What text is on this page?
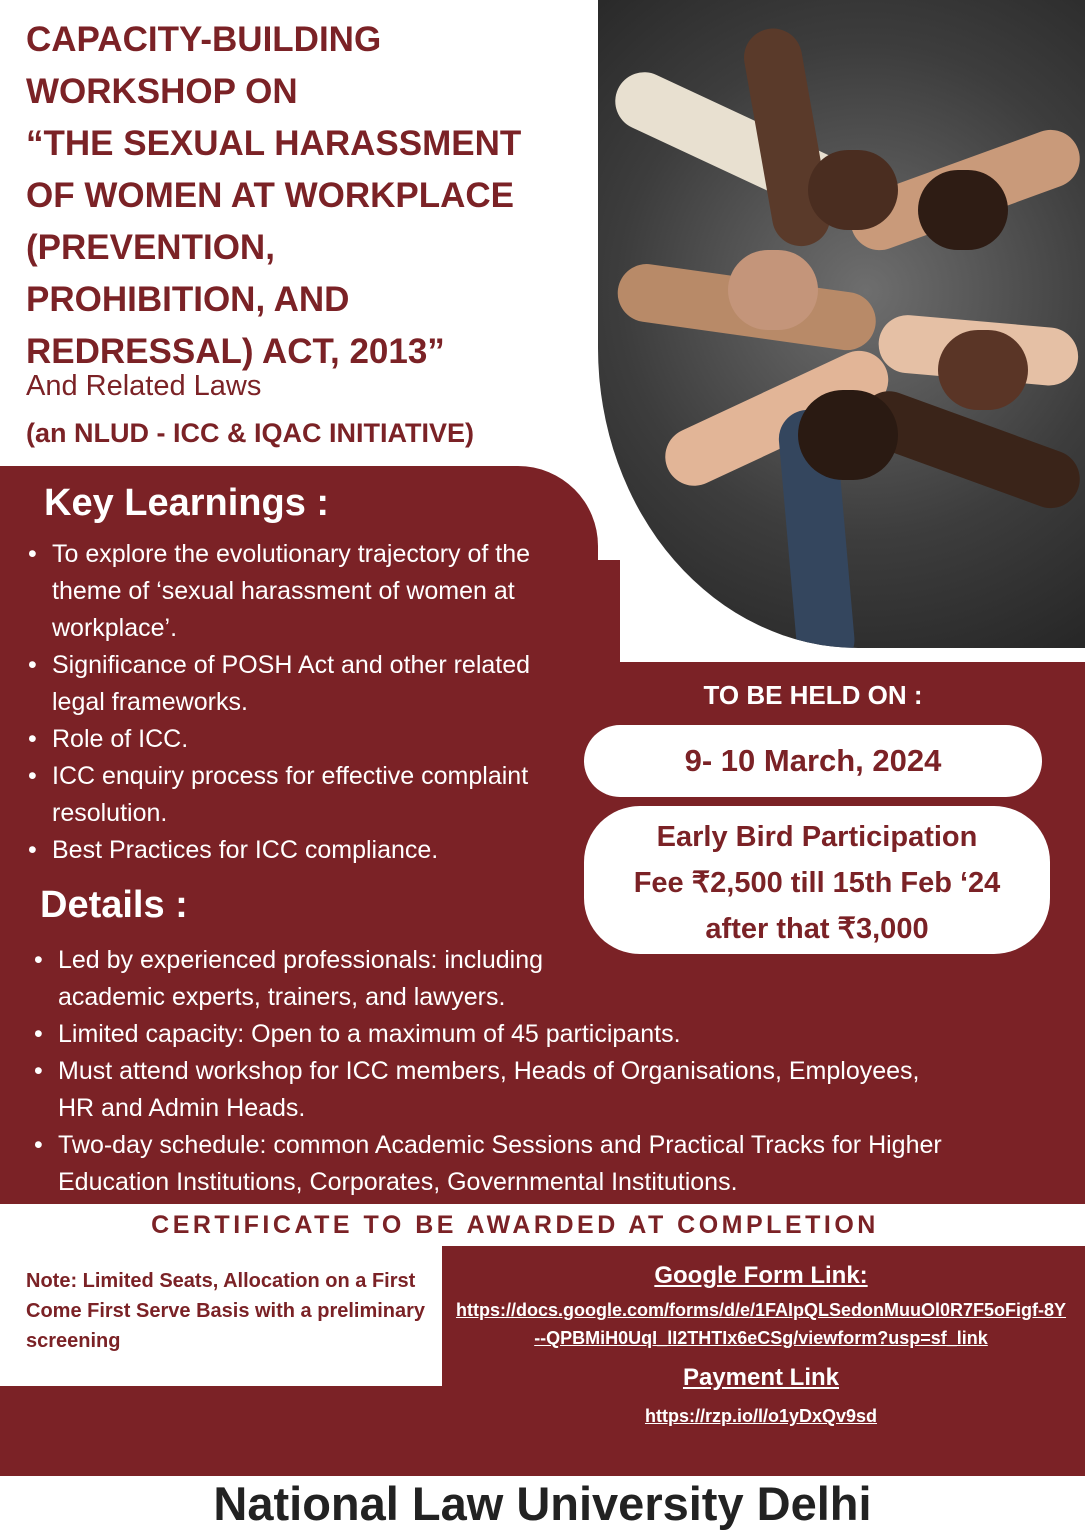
CAPACITY-BUILDING
WORKSHOP ON
“THE SEXUAL HARASSMENT
OF WOMEN AT WORKPLACE
(PREVENTION,
PROHIBITION, AND
REDRESSAL) ACT, 2013”
And Related Laws
(an NLUD - ICC & IQAC INITIATIVE)
Key Learnings :
• To explore the evolutionary trajectory of the theme of ‘sexual harassment of women at workplace’.
• Significance of POSH Act and other related legal frameworks.
• Role of ICC.
• ICC enquiry process for effective complaint resolution.
• Best Practices for ICC compliance.
TO BE HELD ON :
9- 10 March, 2024
Early Bird Participation
Fee ₹2,500 till 15th Feb ‘24
after that ₹3,000
Details :
• Led by experienced professionals: including academic experts, trainers, and lawyers.
• Limited capacity: Open to a maximum of 45 participants.
• Must attend workshop for ICC members, Heads of Organisations, Employees, HR and Admin Heads.
• Two-day schedule: common Academic Sessions and Practical Tracks for Higher Education Institutions, Corporates, Governmental Institutions.
CERTIFICATE TO BE AWARDED AT COMPLETION
Note: Limited Seats, Allocation on a First Come First Serve Basis with a preliminary screening
Google Form Link:
https://docs.google.com/forms/d/e/1FAIpQLSedonMuuOl0R7F5oFigf-8Y--QPBMiH0UqI_lI2THTIx6eCSg/viewform?usp=sf_link
Payment Link
https://rzp.io/l/o1yDxQv9sd
National Law University Delhi
